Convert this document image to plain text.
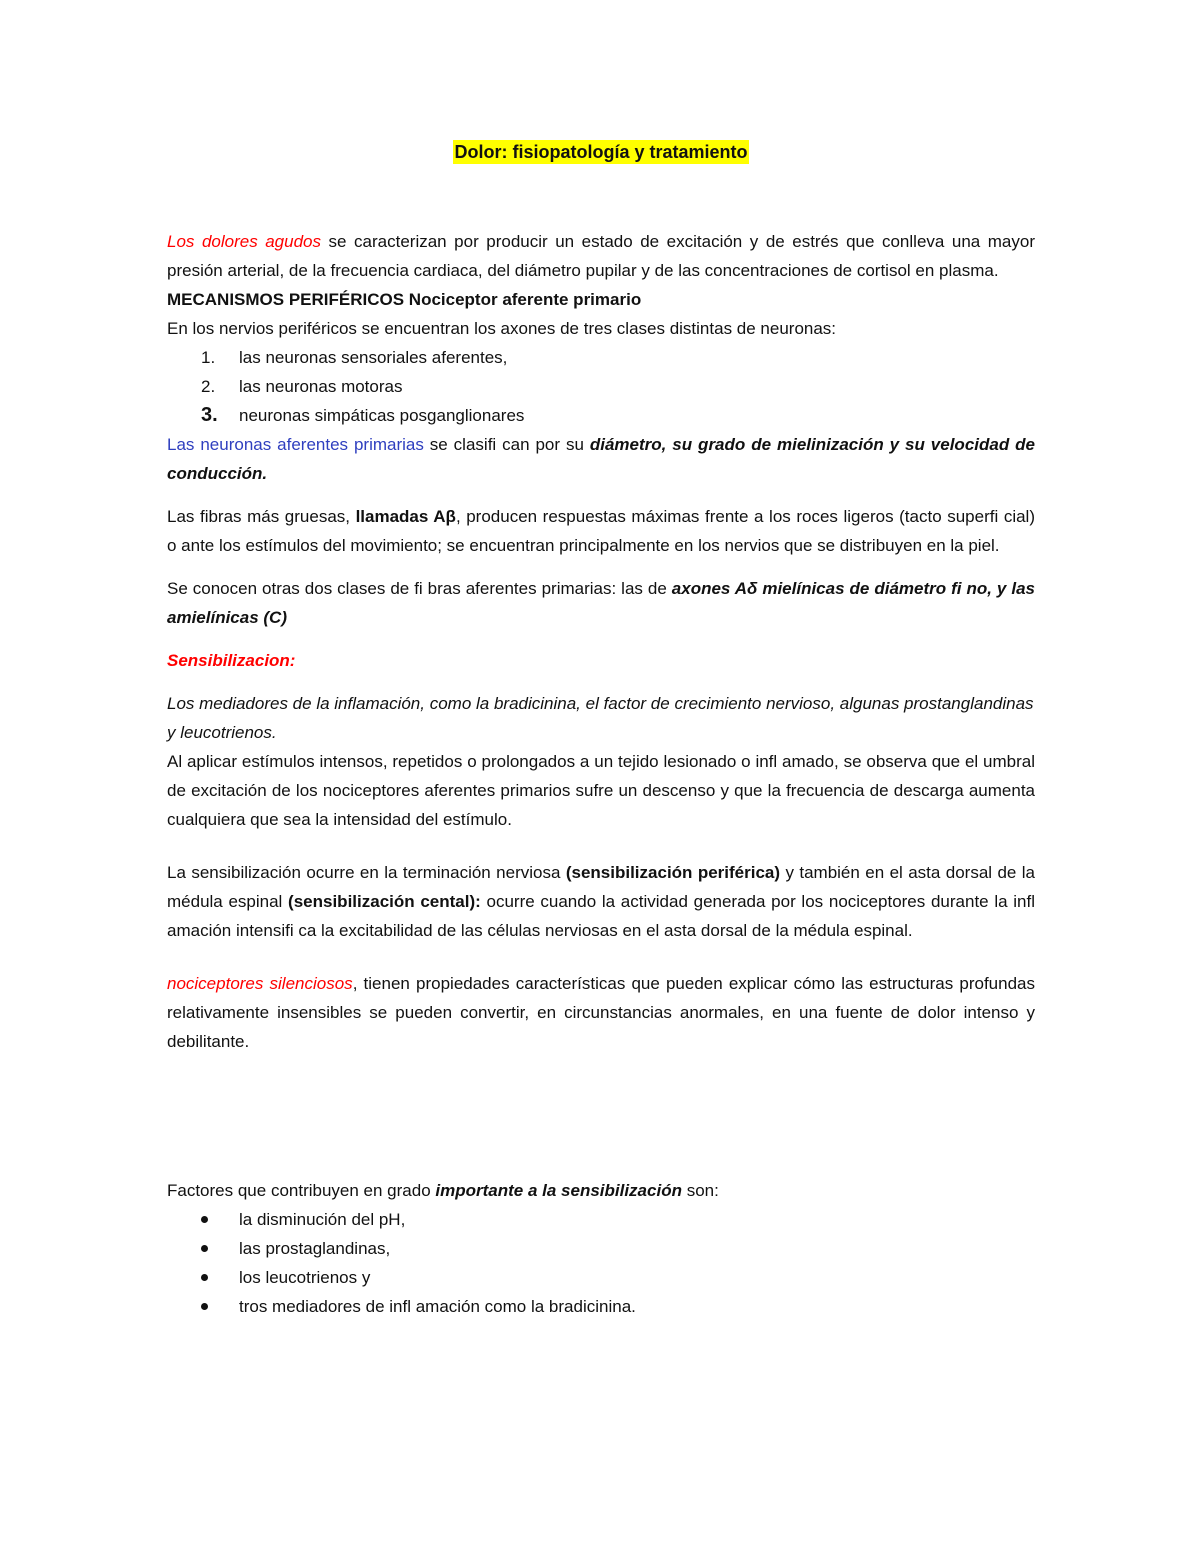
Dolor: fisiopatología y tratamiento

Los dolores agudos se caracterizan por producir un estado de excitación y de estrés que conlleva una mayor presión arterial, de la frecuencia cardiaca, del diámetro pupilar y de las concentraciones de cortisol en plasma.

MECANISMOS PERIFÉRICOS Nociceptor aferente primario

En los nervios periféricos se encuentran los axones de tres clases distintas de neuronas:

1.	las neuronas sensoriales aferentes,
2.	las neuronas motoras
3.	neuronas simpáticas posganglionares

Las neuronas aferentes primarias se clasifi can por su diámetro, su grado de mielinización y su velocidad de conducción.

Las fibras más gruesas, llamadas Aβ, producen respuestas máximas frente a los roces ligeros (tacto superfi cial) o ante los estímulos del movimiento; se encuentran principalmente en los nervios que se distribuyen en la piel.

Se conocen otras dos clases de fi bras aferentes primarias: las de axones Aδ mielínicas de diámetro fi no, y las amielínicas (C)

Sensibilizacion:

Los mediadores de la inflamación, como la bradicinina, el factor de crecimiento nervioso, algunas prostanglandinas y leucotrienos.

Al aplicar estímulos intensos, repetidos o prolongados a un tejido lesionado o infl amado, se observa que el umbral de excitación de los nociceptores aferentes primarios sufre un descenso y que la frecuencia de descarga aumenta cualquiera que sea la intensidad del estímulo.

La sensibilización ocurre en la terminación nerviosa (sensibilización periférica) y también en el asta dorsal de la médula espinal (sensibilización cental): ocurre cuando la actividad generada por los nociceptores durante la infl amación intensifi ca la excitabilidad de las células nerviosas en el asta dorsal de la médula espinal.

nociceptores silenciosos, tienen propiedades características que pueden explicar cómo las estructuras profundas relativamente insensibles se pueden convertir, en circunstancias anormales, en una fuente de dolor intenso y debilitante.

Factores que contribuyen en grado importante a la sensibilización son:

la disminución del pH,
las prostaglandinas,
los leucotrienos y
tros mediadores de infl amación como la bradicinina.
